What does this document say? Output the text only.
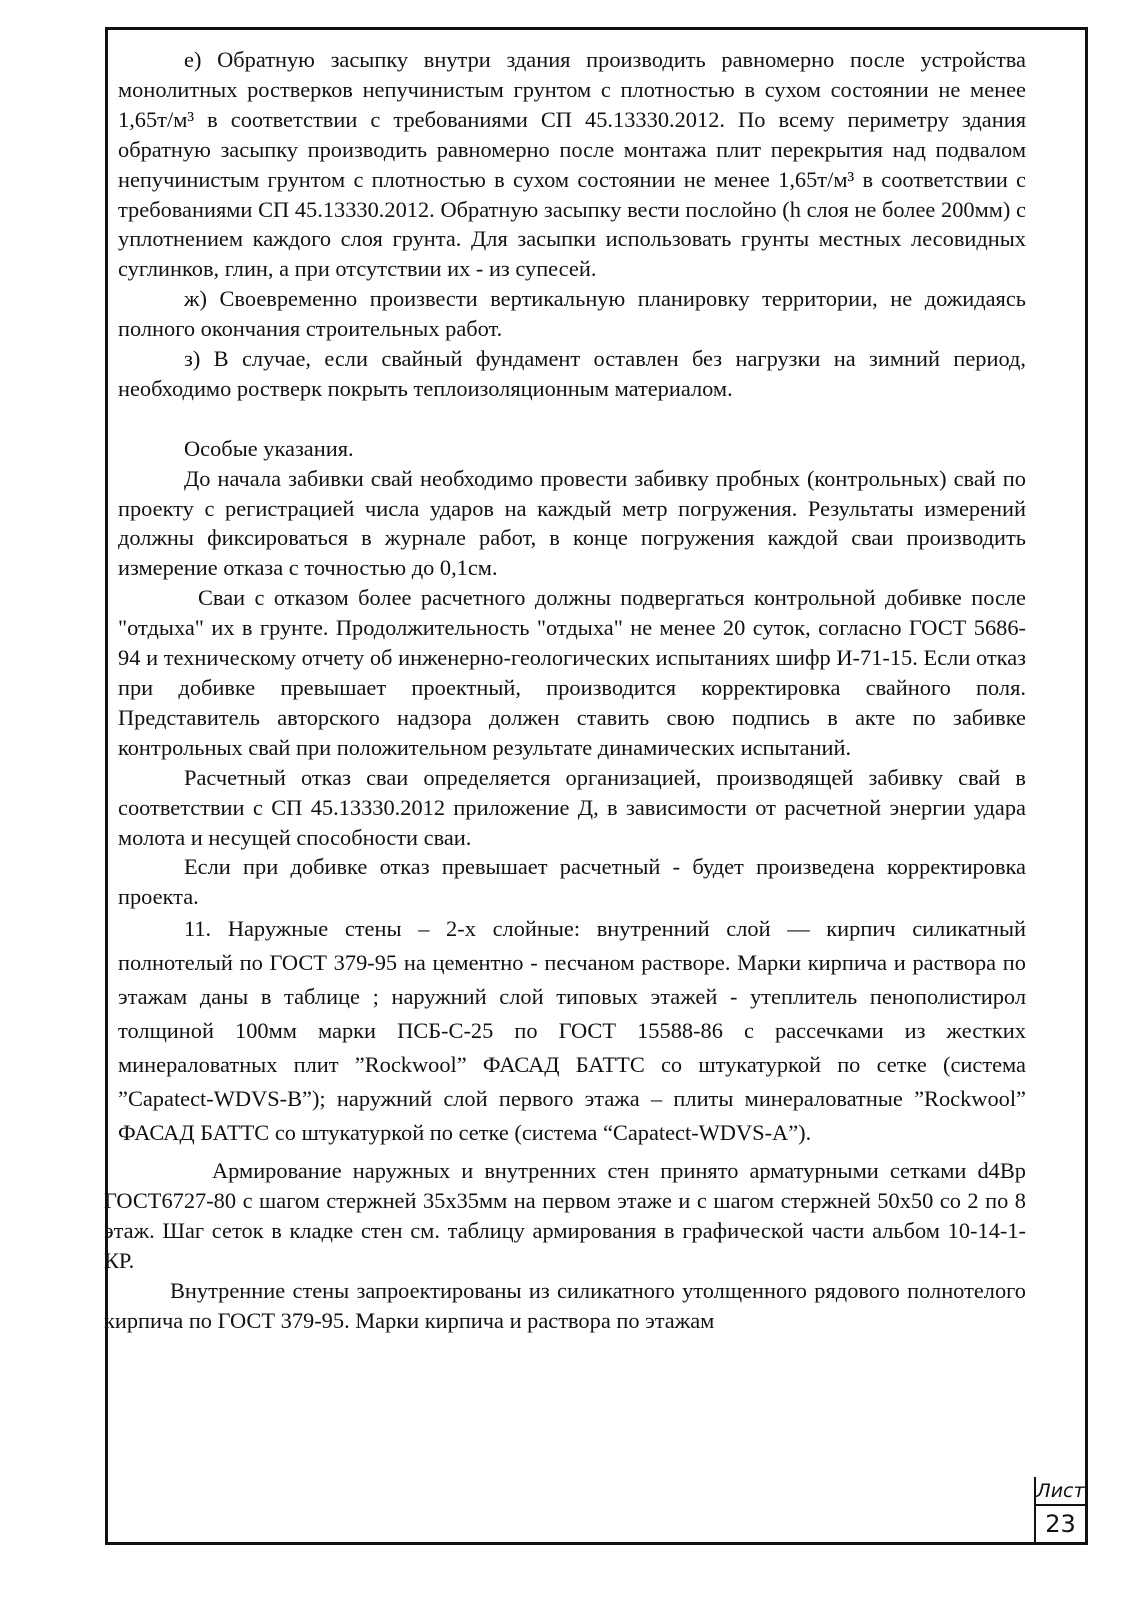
е) Обратную засыпку внутри здания производить равномерно после устройства монолитных ростверков непучинистым грунтом с плотностью в сухом состоянии не менее 1,65т/м³ в соответствии с требованиями СП 45.13330.2012. По всему периметру здания обратную засыпку производить равномерно после монтажа плит перекрытия над подвалом непучинистым грунтом с плотностью в сухом состоянии не менее 1,65т/м³ в соответствии с требованиями СП 45.13330.2012. Обратную засыпку вести послойно (h слоя не более 200мм) с уплотнением каждого слоя грунта. Для засыпки использовать грунты местных лесовидных суглинков, глин, а при отсутствии их - из супесей.

ж) Своевременно произвести вертикальную планировку территории, не дожидаясь полного окончания строительных работ.

з) В случае, если свайный фундамент оставлен без нагрузки на зимний период, необходимо ростверк покрыть теплоизоляционным материалом.

Особые указания.

До начала забивки свай необходимо провести забивку пробных (контрольных) свай по проекту с регистрацией числа ударов на каждый метр погружения. Результаты измерений должны фиксироваться в журнале работ, в конце погружения каждой сваи производить измерение отказа с точностью до 0,1см.

Сваи с отказом более расчетного должны подвергаться контрольной добивке после "отдыха" их в грунте. Продолжительность "отдыха" не менее 20 суток, согласно ГОСТ 5686-94 и техническому отчету об инженерно-геологических испытаниях шифр И-71-15. Если отказ при добивке превышает проектный, производится корректировка свайного поля. Представитель авторского надзора должен ставить свою подпись в акте по забивке контрольных свай при положительном результате динамических испытаний.

Расчетный отказ сваи определяется организацией, производящей забивку свай в соответствии с СП 45.13330.2012 приложение Д, в зависимости от расчетной энергии удара молота и несущей способности сваи.

Если при добивке отказ превышает расчетный - будет произведена корректировка проекта.

11. Наружные стены – 2-х слойные: внутренний слой — кирпич силикатный полнотелый по ГОСТ 379-95 на цементно - песчаном растворе. Марки кирпича и раствора по этажам даны в таблице ; наружний слой типовых этажей - утеплитель пенополистирол толщиной 100мм марки ПСБ-С-25 по ГОСТ 15588-86 с рассечками из жестких минераловатных плит ”Rockwool” ФАСАД БАТТС со штукатуркой по сетке (система ”Capatect-WDVS-B”); наружний слой первого этажа – плиты минераловатные ”Rockwool” ФАСАД БАТТС со штукатуркой по сетке (система “Capatect-WDVS-A”).

Армирование наружных и внутренних стен принято арматурными сетками d4Вр ГОСТ6727-80 с шагом стержней 35х35мм на первом этаже и с шагом стержней 50х50 со 2 по 8 этаж. Шаг сеток в кладке стен см. таблицу армирования в графической части альбом 10-14-1-КР.

Внутренние стены запроектированы из силикатного утолщенного рядового полнотелого кирпича по ГОСТ 379-95. Марки кирпича и раствора по этажам

Лист
23
